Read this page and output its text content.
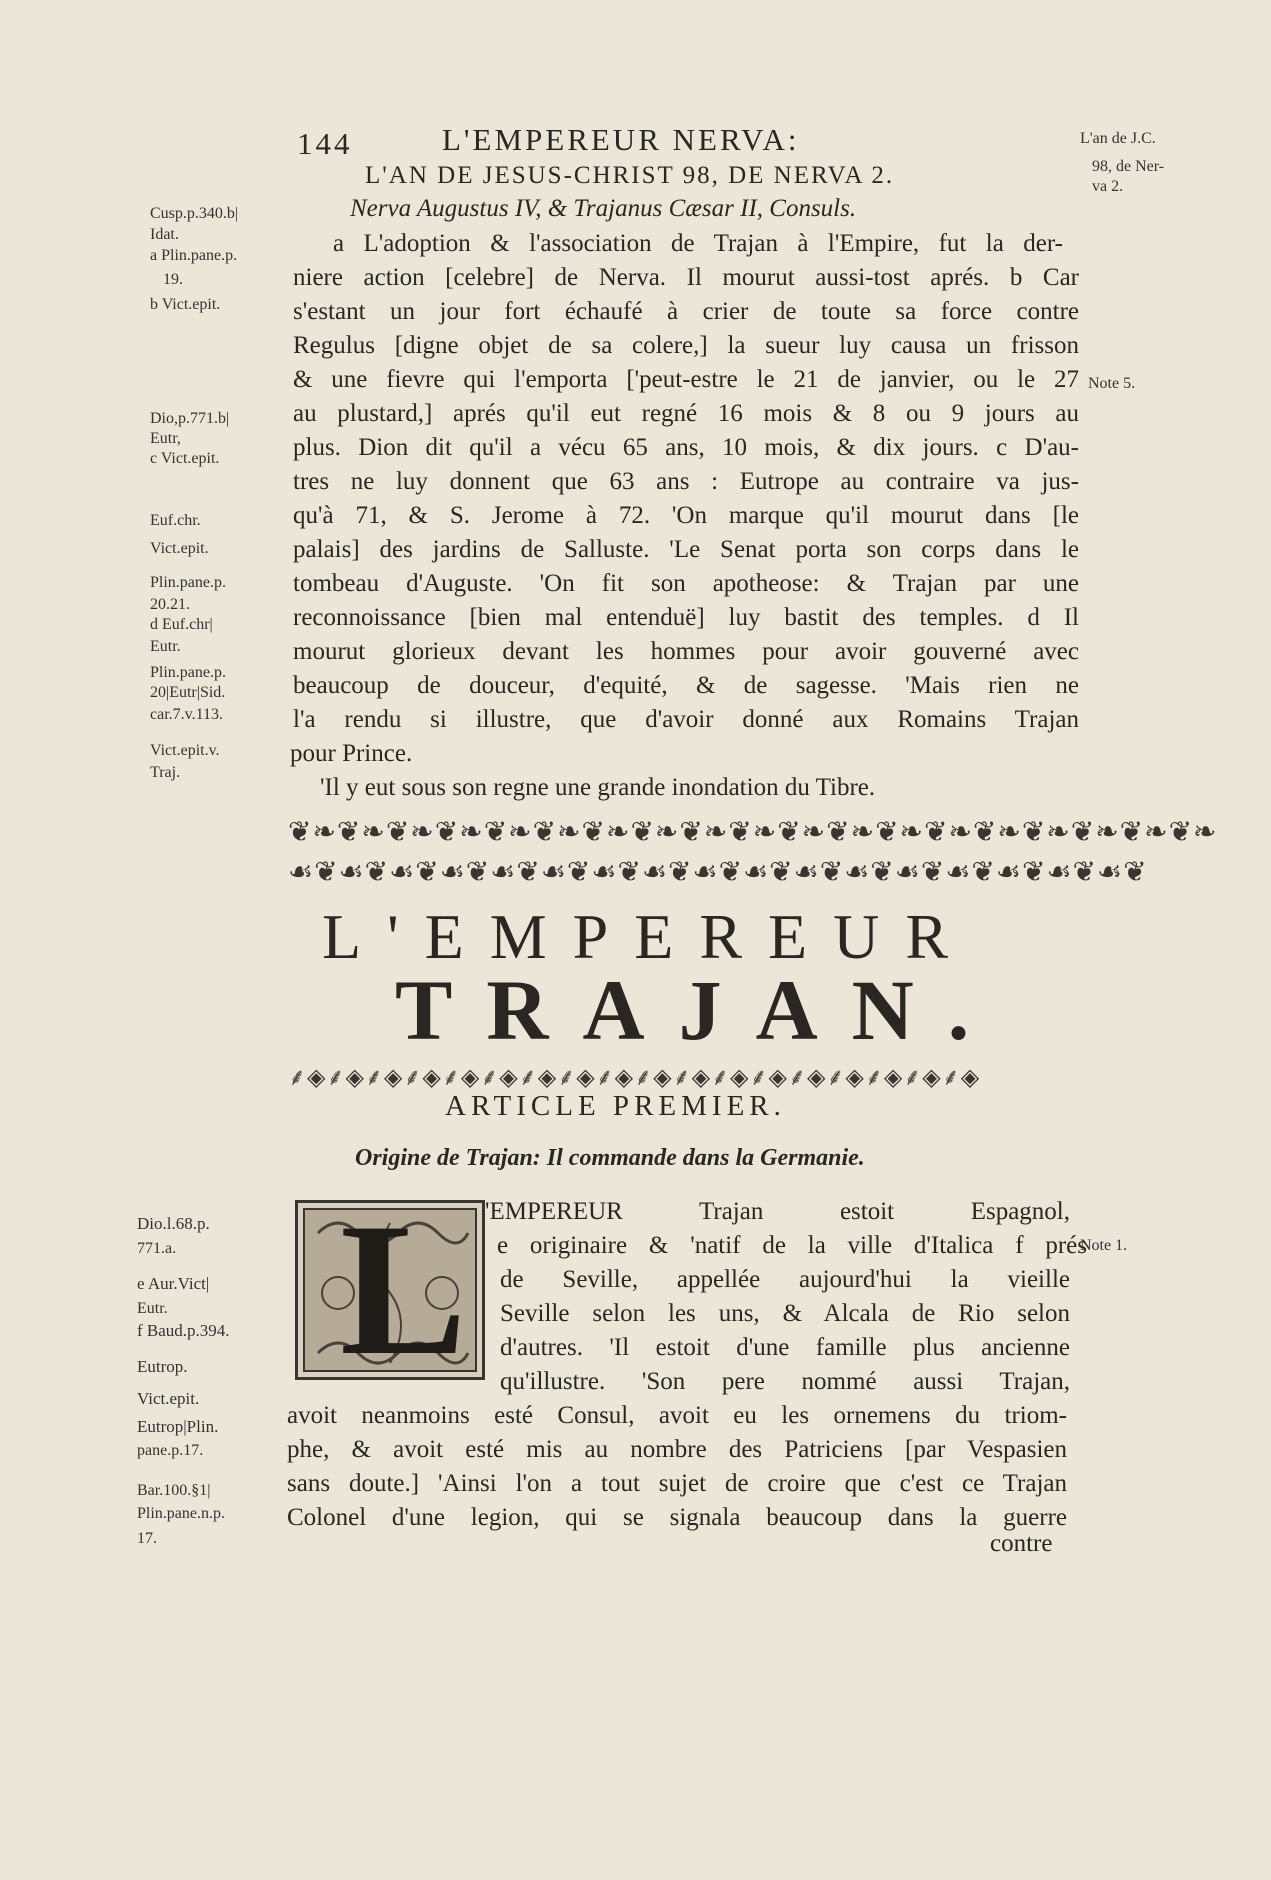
144	L'EMPEREUR NERVA:
L'AN DE JESUS-CHRIST 98, DE NERVA 2.
L'an de J.C.
98, de Ner-
va 2.
Nerva Augustus IV, & Trajanus Cæsar II, Consuls.
Cusp.p.340.b|
Idat.
a Plin.pane.p.
19.
b Vict.epit.
Dio,p.771.b|
Eutr,
c Vict.epit.
Euf.chr.
Vict.epit.
Plin.pane.p.
20.21.
d Euf.chr|
Eutr.
Plin.pane.p.
20|Eutr|Sid.
car.7.v.113.
Vict.epit.v.
Traj.
Note 5.
a L'adoption & l'association de Trajan à l'Empire, fut la der-
niere action [celebre] de Nerva. Il mourut aussi-tost aprés. b Car
s'estant un jour fort échaufé à crier de toute sa force contre
Regulus [digne objet de sa colere,] la sueur luy causa un frisson
& une fievre qui l'emporta ['peut-estre le 21 de janvier, ou le 27
au plustard,] aprés qu'il eut regné 16 mois & 8 ou 9 jours au
plus. Dion dit qu'il a vécu 65 ans, 10 mois, & dix jours. c D'au-
tres ne luy donnent que 63 ans : Eutrope au contraire va jus-
qu'à 71, & S. Jerome à 72. 'On marque qu'il mourut dans [le
palais] des jardins de Salluste. 'Le Senat porta son corps dans le
tombeau d'Auguste. 'On fit son apotheose: & Trajan par une
reconnoissance [bien mal entenduë] luy bastit des temples. d Il
mourut glorieux devant les hommes pour avoir gouverné avec
beaucoup de douceur, d'equité, & de sagesse. 'Mais rien ne
l'a rendu si illustre, que d'avoir donné aux Romains Trajan
pour Prince.
'Il y eut sous son regne une grande inondation du Tibre.
❦❧❦❧❦❧❦❧❦❧❦❧❦❧❦❧❦❧❦❧❦❧❦❧❦❧❦❧❦❧❦❧❦❧❦❧❦❧
☙❦☙❦☙❦☙❦☙❦☙❦☙❦☙❦☙❦☙❦☙❦☙❦☙❦☙❦☙❦☙❦☙❦
L'EMPEREUR
TRAJAN.
⸙◈⸙◈⸙◈⸙◈⸙◈⸙◈⸙◈⸙◈⸙◈⸙◈⸙◈⸙◈⸙◈⸙◈⸙◈⸙◈⸙◈⸙◈
ARTICLE PREMIER.
Origine de Trajan: Il commande dans la Germanie.
Dio.l.68.p.
771.a.
e Aur.Vict|
Eutr.
f Baud.p.394.
Eutrop.
Vict.epit.
Eutrop|Plin.
pane.p.17.
Bar.100.§1|
Plin.pane.n.p.
17.
Note 1.
L 'EMPEREUR Trajan estoit Espagnol,
e originaire & 'natif de la ville d'Italica f prés
de Seville, appellée aujourd'hui la vieille
Seville selon les uns, & Alcala de Rio selon
d'autres. 'Il estoit d'une famille plus ancienne
qu'illustre. 'Son pere nommé aussi Trajan,
avoit neanmoins esté Consul, avoit eu les ornemens du triom-
phe, & avoit esté mis au nombre des Patriciens [par Vespasien
sans doute.] 'Ainsi l'on a tout sujet de croire que c'est ce Trajan
Colonel d'une legion, qui se signala beaucoup dans la guerre
contre
